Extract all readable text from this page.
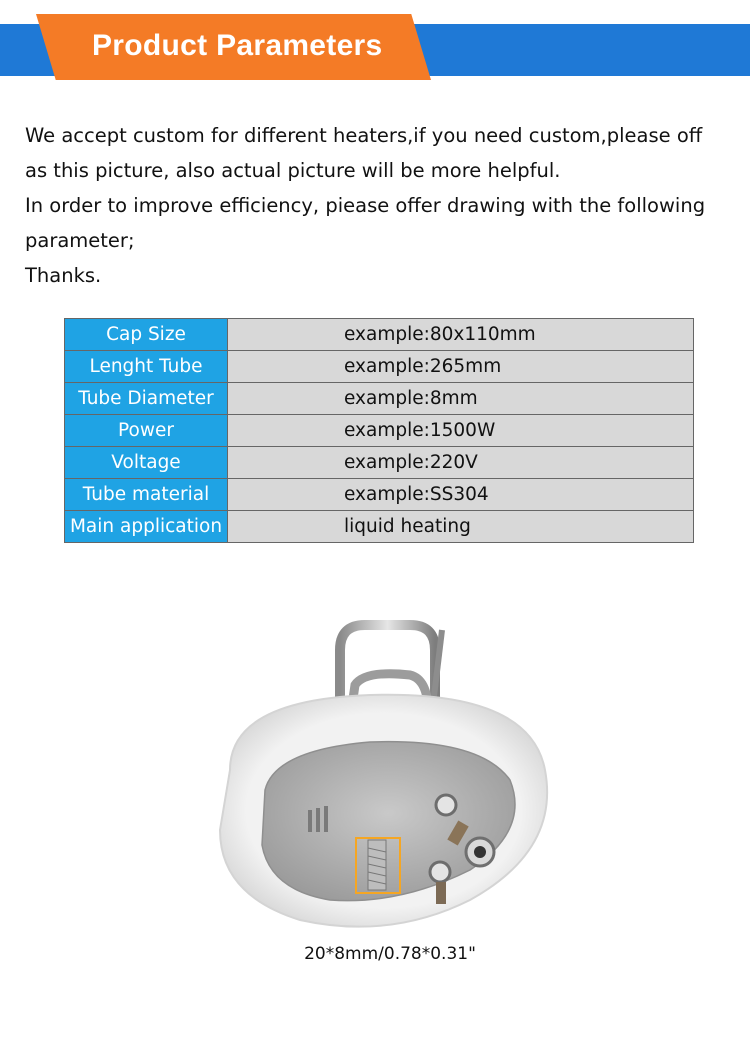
Product Parameters
We accept custom for different heaters,if you need custom,please off
as this picture, also actual picture will be more helpful.
In order to improve efficiency, piease offer drawing with the following
parameter;
Thanks.
Cap Size	example:80x110mm
Lenght Tube	example:265mm
Tube Diameter	example:8mm
Power	example:1500W
Voltage	example:220V
Tube material	example:SS304
Main application	liquid heating
20*8mm/0.78*0.31"
